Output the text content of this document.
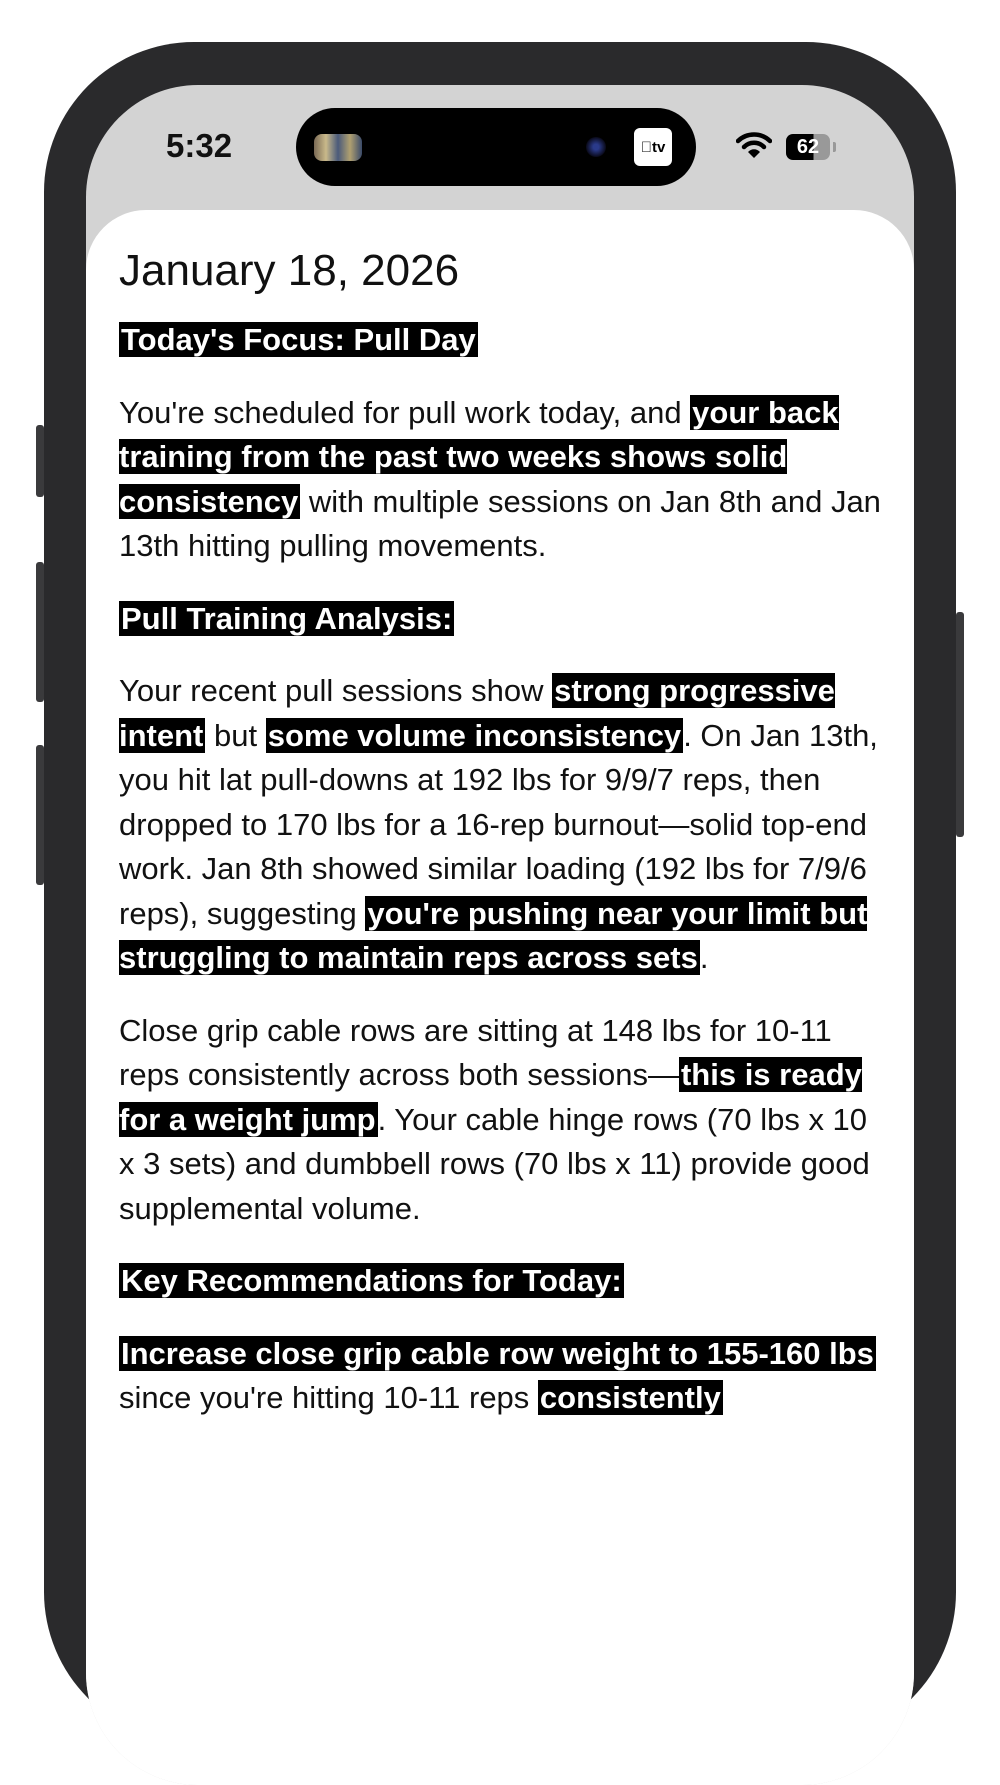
5:32	tv	62
January 18, 2026

Today's Focus: Pull Day

You're scheduled for pull work today, and your back training from the past two weeks shows solid consistency with multiple sessions on Jan 8th and Jan 13th hitting pulling movements.

Pull Training Analysis:

Your recent pull sessions show strong progressive intent but some volume inconsistency. On Jan 13th, you hit lat pull-downs at 192 lbs for 9/9/7 reps, then dropped to 170 lbs for a 16-rep burnout—solid top-end work. Jan 8th showed similar loading (192 lbs for 7/9/6 reps), suggesting you're pushing near your limit but struggling to maintain reps across sets.

Close grip cable rows are sitting at 148 lbs for 10-11 reps consistently across both sessions—this is ready for a weight jump. Your cable hinge rows (70 lbs x 10 x 3 sets) and dumbbell rows (70 lbs x 11) provide good supplemental volume.

Key Recommendations for Today:

Increase close grip cable row weight to 155-160 lbs since you're hitting 10-11 reps consistently
